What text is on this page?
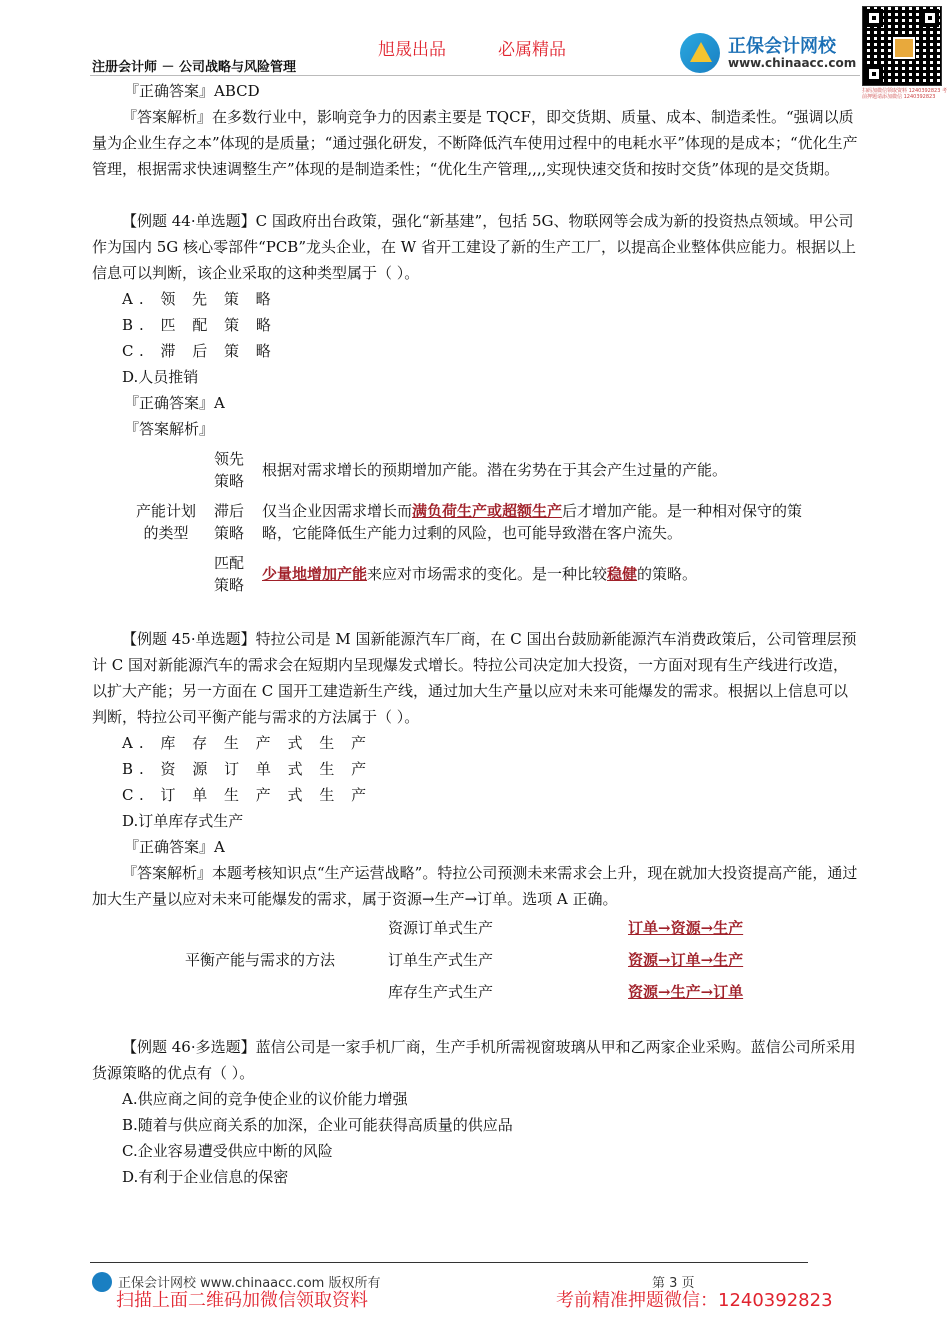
旭晟出品	必属精品
注册会计师 － 公司战略与风险管理
正保会计网校
www.chinaacc.com
扫码加微信领取资料 1240392823 考前押题请添加微信 1240392823

『正确答案』ABCD

『答案解析』在多数行业中，影响竞争力的因素主要是 TQCF，即交货期、质量、成本、制造柔性。“强调以质量为企业生存之本”体现的是质量；“通过强化研发，不断降低汽车使用过程中的电耗水平”体现的是成本；“优化生产管理，根据需求快速调整生产”体现的是制造柔性；“优化生产管理,,,,实现快速交货和按时交货”体现的是交货期。

【例题 44·单选题】C 国政府出台政策，强化“新基建”，包括 5G、物联网等会成为新的投资热点领域。甲公司作为国内 5G 核心零部件“PCB”龙头企业，在 W 省开工建设了新的生产工厂，以提高企业整体供应能力。根据以上信息可以判断，该企业采取的这种类型属于（ ）。

A. 领 先 策 略

B. 匹 配 策 略

C. 滞 后 策 略

D.人员推销

『正确答案』A

『答案解析』

产能计划的类型	领先策略	根据对需求增长的预期增加产能。潜在劣势在于其会产生过量的产能。
	滞后策略	仅当企业因需求增长而满负荷生产或超额生产后才增加产能。是一种相对保守的策略，它能降低生产能力过剩的风险，也可能导致潜在客户流失。
	匹配策略	少量地增加产能来应对市场需求的变化。是一种比较稳健的策略。

【例题 45·单选题】特拉公司是 M 国新能源汽车厂商，在 C 国出台鼓励新能源汽车消费政策后，公司管理层预计 C 国对新能源汽车的需求会在短期内呈现爆发式增长。特拉公司决定加大投资，一方面对现有生产线进行改造，以扩大产能；另一方面在 C 国开工建造新生产线，通过加大生产量以应对未来可能爆发的需求。根据以上信息可以判断，特拉公司平衡产能与需求的方法属于（ ）。

A. 库 存 生 产 式 生 产

B. 资 源 订 单 式 生 产

C. 订 单 生 产 式 生 产

D.订单库存式生产

『正确答案』A

『答案解析』本题考核知识点“生产运营战略”。特拉公司预测未来需求会上升，现在就加大投资提高产能，通过加大生产量以应对未来可能爆发的需求，属于资源→生产→订单。选项 A 正确。

平衡产能与需求的方法	资源订单式生产	订单→资源→生产
	订单生产式生产	资源→订单→生产
	库存生产式生产	资源→生产→订单

【例题 46·多选题】蓝信公司是一家手机厂商，生产手机所需视窗玻璃从甲和乙两家企业采购。蓝信公司所采用货源策略的优点有（ ）。

A.供应商之间的竞争使企业的议价能力增强

B.随着与供应商关系的加深，企业可能获得高质量的供应品

C.企业容易遭受供应中断的风险

D.有利于企业信息的保密

正保会计网校 www.chinaacc.com 版权所有	第 3 页
扫描上面二维码加微信领取资料	考前精准押题微信：1240392823
